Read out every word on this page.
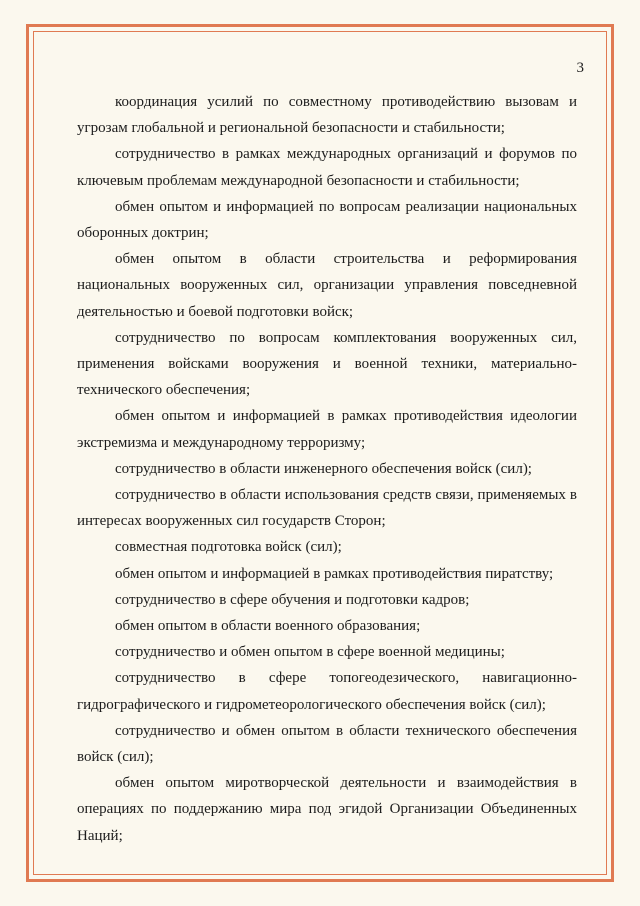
3

координация усилий по совместному противодействию вызовам и угрозам глобальной и региональной безопасности и стабильности;

сотрудничество в рамках международных организаций и форумов по ключевым проблемам международной безопасности и стабильности;

обмен опытом и информацией по вопросам реализации национальных оборонных доктрин;

обмен опытом в области строительства и реформирования национальных вооруженных сил, организации управления повседневной деятельностью и боевой подготовки войск;

сотрудничество по вопросам комплектования вооруженных сил, применения войсками вооружения и военной техники, материально-технического обеспечения;

обмен опытом и информацией в рамках противодействия идеологии экстремизма и международному терроризму;

сотрудничество в области инженерного обеспечения войск (сил);

сотрудничество в области использования средств связи, применяемых в интересах вооруженных сил государств Сторон;

совместная подготовка войск (сил);

обмен опытом и информацией в рамках противодействия пиратству;

сотрудничество в сфере обучения и подготовки кадров;

обмен опытом в области военного образования;

сотрудничество и обмен опытом в сфере военной медицины;

сотрудничество в сфере топогеодезического, навигационно-гидрографического и гидрометеорологического обеспечения войск (сил);

сотрудничество и обмен опытом в области технического обеспечения войск (сил);

обмен опытом миротворческой деятельности и взаимодействия в операциях по поддержанию мира под эгидой Организации Объединенных Наций;
